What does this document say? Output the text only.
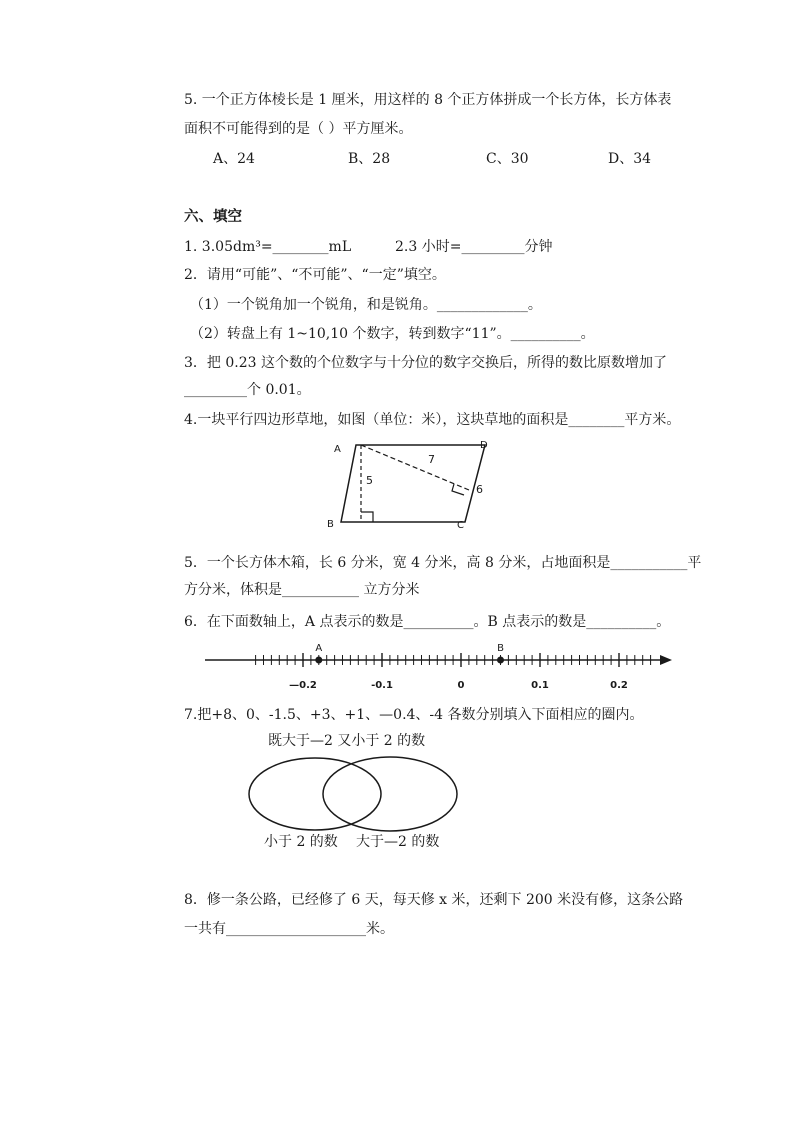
5. 一个正方体棱长是 1 厘米，用这样的 8 个正方体拼成一个长方体，长方体表
面积不可能得到的是（ ）平方厘米。
A、24	B、28	C、30	D、34
六、填空
1. 3.05dm³=________mL	2.3 小时=_________分钟
2．请用“可能”、“不可能”、“一定”填空。
（1）一个锐角加一个锐角，和是锐角。_____________。
（2）转盘上有 1~10,10 个数字，转到数字“11”。__________。
3．把 0.23 这个数的个位数字与十分位的数字交换后，所得的数比原数增加了
_________个 0.01。
4.一块平行四边形草地，如图（单位：米），这块草地的面积是________平方米。
A
B	C
D
5
7
6
5．一个长方体木箱，长 6 分米，宽 4 分米，高 8 分米，占地面积是___________平
方分米，体积是___________ 立方分米
6．在下面数轴上，A 点表示的数是__________。B 点表示的数是__________。
—0.2	-0.1	0	0.1	0.2
A	B
7.把+8、0、-1.5、+3、+1、—0.4、-4 各数分别填入下面相应的圈内。
既大于—2 又小于 2 的数
小于 2 的数 大于—2 的数
8．修一条公路，已经修了 6 天，每天修 x 米，还剩下 200 米没有修，这条公路
一共有____________________米。
